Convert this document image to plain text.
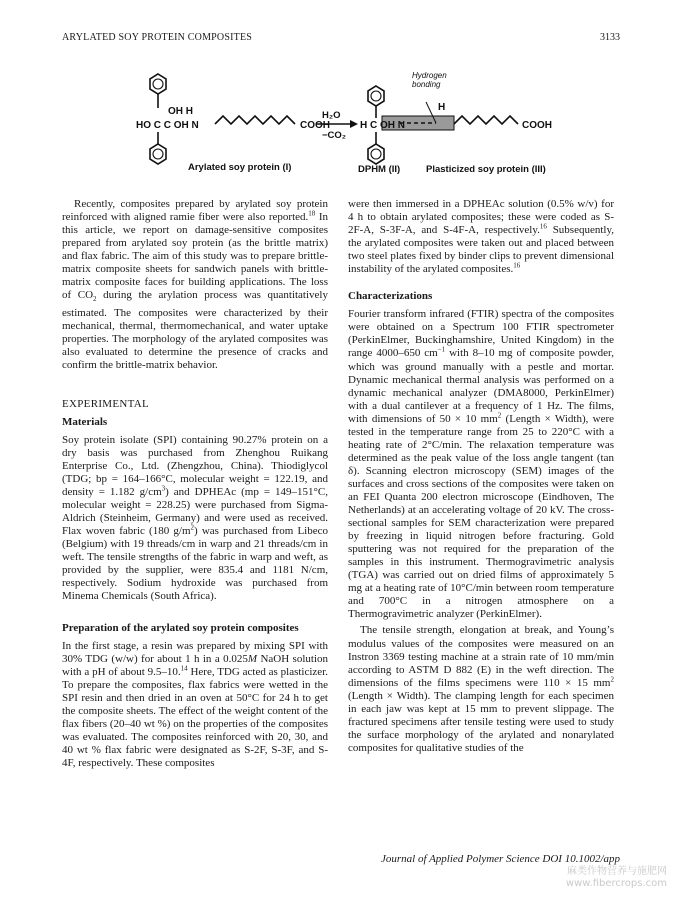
ARYLATED SOY PROTEIN COMPOSITES	3133
OH H
HO C C OH N	COOH
Arylated soy protein (I)
H₂O
−CO₂
Hydrogen
bonding
H
H C OH N	COOH
DPHM (II)	Plasticized soy protein (III)

Recently, composites prepared by arylated soy protein reinforced with aligned ramie fiber were also reported.$^{18}$ In this article, we report on damage-sensitive composites prepared from arylated soy protein (as the brittle matrix) and flax fabric. The aim of this study was to prepare brittle-matrix composite sheets for sandwich panels with brittle-matrix composite faces for building applications. The loss of $CO_2$ during the arylation process was quantitatively estimated. The composites were characterized by their mechanical, thermal, thermomechanical, and water uptake properties. The morphology of the arylated composites was also evaluated to determine the presence of cracks and confirm the brittle-matrix behavior.

EXPERIMENTAL

Materials

Soy protein isolate (SPI) containing 90.27% protein on a dry basis was purchased from Zhenghou Ruikang Enterprise Co., Ltd. (Zhengzhou, China). Thiodiglycol (TDG; bp = 164–166°C, molecular weight = 122.19, and density = 1.182 $g/cm^3$) and DPHEAc (mp = 149–151°C, molecular weight = 228.25) were purchased from Sigma-Aldrich (Steinheim, Germany) and were used as received. Flax woven fabric (180 $g/m^2$) was purchased from Libeco (Belgium) with 19 threads/cm in warp and 21 threads/cm in weft. The tensile strengths of the fabric in warp and weft, as provided by the supplier, were 835.4 and 1181 N/cm, respectively. Sodium hydroxide was purchased from Minema Chemicals (South Africa).

Preparation of the arylated soy protein composites

In the first stage, a resin was prepared by mixing SPI with 30% TDG (w/w) for about 1 h in a 0.025M NaOH solution with a pH of about 9.5–10.14 Here, TDG acted as plasticizer. To prepare the composites, flax fabrics were wetted in the SPI resin and then dried in an oven at 50°C for 24 h to get the composite sheets. The effect of the weight content of the flax fibers (20–40 wt %) on the properties of the composites was evaluated. The composites reinforced with 20, 30, and 40 wt % flax fabric were designated as S-2F, S-3F, and S-4F, respectively. These composites

were then immersed in a DPHEAc solution (0.5% w/v) for 4 h to obtain arylated composites; these were coded as S-2F-A, S-3F-A, and S-4F-A, respectively.$^{16}$ Subsequently, the arylated composites were taken out and placed between two steel plates fixed by binder clips to prevent dimensional instability of the arylated composites.$^{16}$

Characterizations

Fourier transform infrared (FTIR) spectra of the composites were obtained on a Spectrum 100 FTIR spectrometer (PerkinElmer, Buckinghamshire, United Kingdom) in the range 4000–650 $cm^{-1}$ with 8–10 mg of composite powder, which was ground manually with a pestle and mortar. Dynamic mechanical thermal analysis was performed on a dynamic mechanical analyzer (DMA8000, PerkinElmer) with a dual cantilever at a frequency of 1 Hz. The films, with dimensions of 50 × 10 $mm^2$ (Length × Width), were tested in the temperature range from 25 to 220°C with a heating rate of 2°C/min. The relaxation temperature was determined as the peak value of the loss angle tangent (tan δ). Scanning electron microscopy (SEM) images of the surfaces and cross sections of the composites were taken on an FEI Quanta 200 electron microscope (Eindhoven, The Netherlands) at an accelerating voltage of 20 kV. The cross-sectional samples for SEM characterization were prepared by freezing in liquid nitrogen before fracturing. Gold sputtering was not required for the preparation of the samples in this instrument. Thermogravimetric analysis (TGA) was carried out on dried films of approximately 5 mg at a heating rate of 10°C/min between room temperature and 700°C in a nitrogen atmosphere on a Thermogravimetric analyzer (PerkinElmer).

The tensile strength, elongation at break, and Young’s modulus values of the composites were measured on an Instron 3369 testing machine at a strain rate of 10 mm/min according to ASTM D 882 (E) in the weft direction. The dimensions of the films specimens were 110 × 15 $mm^2$ (Length × Width). The clamping length for each specimen in each jaw was kept at 15 mm to prevent slippage. The fractured specimens after tensile testing were used to study the surface morphology of the arylated and nonarylated composites for qualitative studies of the

Journal of Applied Polymer Science DOI 10.1002/app
麻类作物营养与施肥网
www.fibercrops.com
